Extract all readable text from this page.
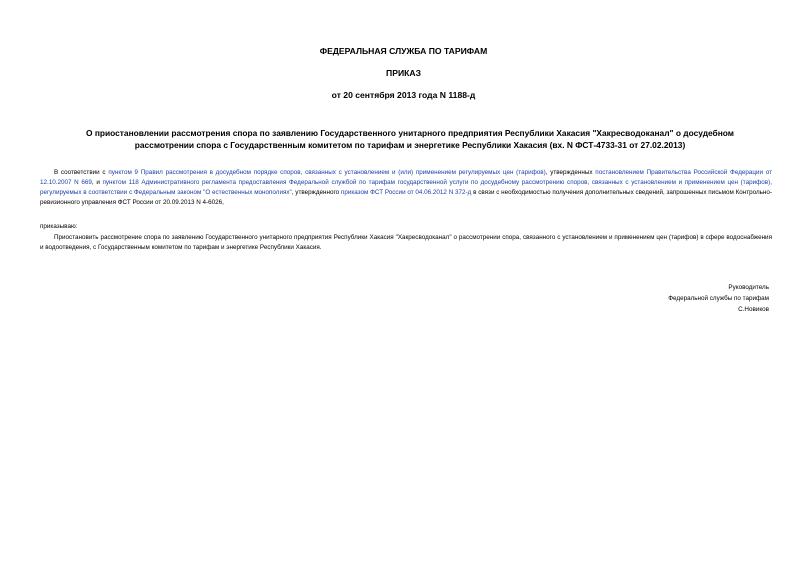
ФЕДЕРАЛЬНАЯ СЛУЖБА ПО ТАРИФАМ
ПРИКАЗ
от 20 сентября 2013 года N 1188-д
О приостановлении рассмотрения спора по заявлению Государственного унитарного предприятия Республики Хакасия "Хакресводоканал" о досудебном рассмотрении спора с Государственным комитетом по тарифам и энергетике Республики Хакасия (вх. N ФСТ-4733-31 от 27.02.2013)
В соответствии с пунктом 9 Правил рассмотрения в досудебном порядке споров, связанных с установлением и (или) применением регулируемых цен (тарифов), утвержденных постановлением Правительства Российской Федерации от 12.10.2007 N 669, и пунктом 118 Административного регламента предоставления Федеральной службой по тарифам государственной услуги по досудебному рассмотрению споров, связанных с установлением и применением цен (тарифов), регулируемых в соответствии с Федеральным законом "О естественных монополиях", утвержденного приказом ФСТ России от 04.06.2012 N 372-д в связи с необходимостью получения дополнительных сведений, запрошенных письмом Контрольно-ревизионного управления ФСТ России от 20.09.2013 N 4-6026,
приказываю:
Приостановить рассмотрение спора по заявлению Государственного унитарного предприятия Республики Хакасия "Хакресводоканал" о рассмотрении спора, связанного с установлением и применением цен (тарифов) в сфере водоснабжения и водоотведения, с Государственным комитетом по тарифам и энергетике Республики Хакасия.
Руководитель
Федеральной службы по тарифам
С.Новиков
